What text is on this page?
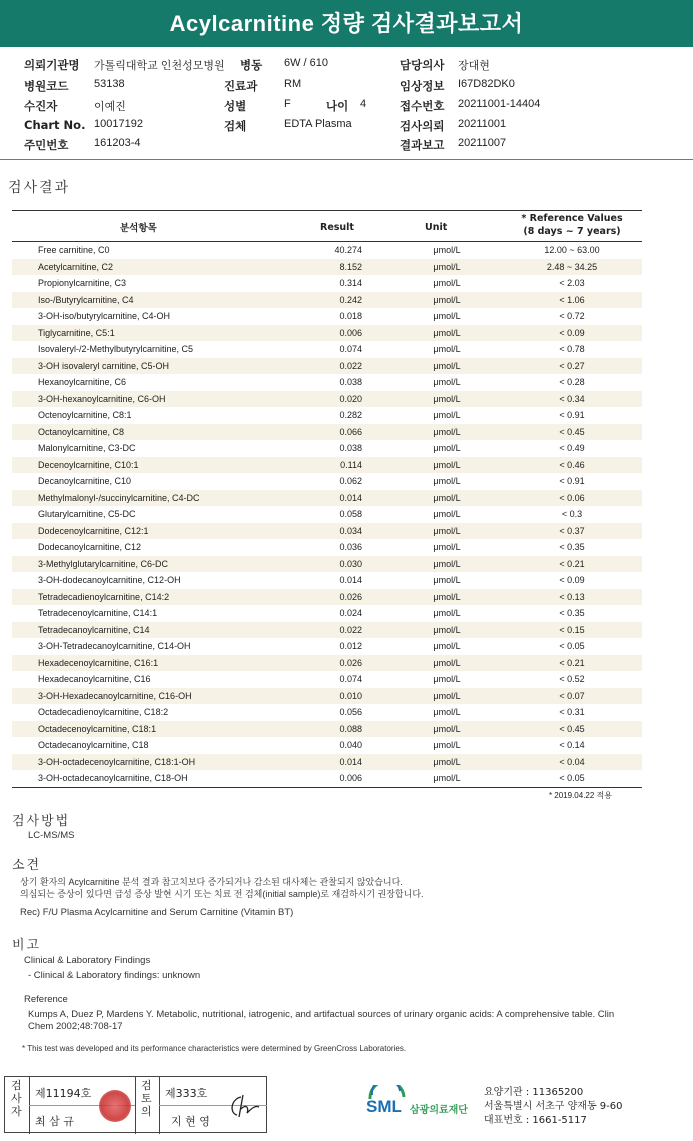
Acylcarnitine 정량 검사결과보고서
의뢰기관명 가톨릭대학교 인천성모병원 병동 6W / 610	담당의사 장대현
병원코드 53138	진료과 RM	임상정보 I67D82DK0
수진자	이예진	성별	F	나이 4	접수번호 20211001-14404
Chart No. 10017192	검체	EDTA Plasma	검사의뢰 20211001
주민번호 161203-4	결과보고 20211007
검사결과
분석항목	Result	Unit
* Reference Values
(8 days ~ 7 years)
Free carnitine, C0	40.274	μmol/L	12.00 ~ 63.00
Acetylcarnitine, C2	8.152	μmol/L	2.48 ~ 34.25
Propionylcarnitine, C3	0.314	μmol/L	< 2.03
Iso-/Butyrylcarnitine, C4	0.242	μmol/L	< 1.06
3-OH-iso/butyrylcarnitine, C4-OH	0.018	μmol/L	< 0.72
Tiglycarnitine, C5:1	0.006	μmol/L	< 0.09
Isovaleryl-/2-Methylbutyrylcarnitine, C5	0.074	μmol/L	< 0.78
3-OH isovaleryl carnitine, C5-OH	0.022	μmol/L	< 0.27
Hexanoylcarnitine, C6	0.038	μmol/L	< 0.28
3-OH-hexanoylcarnitine, C6-OH	0.020	μmol/L	< 0.34
Octenoylcarnitine, C8:1	0.282	μmol/L	< 0.91
Octanoylcarnitine, C8	0.066	μmol/L	< 0.45
Malonylcarnitine, C3-DC	0.038	μmol/L	< 0.49
Decenoylcarnitine, C10:1	0.114	μmol/L	< 0.46
Decanoylcarnitine, C10	0.062	μmol/L	< 0.91
Methylmalonyl-/succinylcarnitine, C4-DC	0.014	μmol/L	< 0.06
Glutarylcarnitine, C5-DC	0.058	μmol/L	< 0.3
Dodecenoylcarnitine, C12:1	0.034	μmol/L	< 0.37
Dodecanoylcarnitine, C12	0.036	μmol/L	< 0.35
3-Methylglutarylcarnitine, C6-DC	0.030	μmol/L	< 0.21
3-OH-dodecanoylcarnitine, C12-OH	0.014	μmol/L	< 0.09
Tetradecadienoylcarnitine, C14:2	0.026	μmol/L	< 0.13
Tetradecenoylcarnitine, C14:1	0.024	μmol/L	< 0.35
Tetradecanoylcarnitine, C14	0.022	μmol/L	< 0.15
3-OH-Tetradecanoylcarnitine, C14-OH	0.012	μmol/L	< 0.05
Hexadecenoylcarnitine, C16:1	0.026	μmol/L	< 0.21
Hexadecanoylcarnitine, C16	0.074	μmol/L	< 0.52
3-OH-Hexadecanoylcarnitine, C16-OH	0.010	μmol/L	< 0.07
Octadecadienoylcarnitine, C18:2	0.056	μmol/L	< 0.31
Octadecenoylcarnitine, C18:1	0.088	μmol/L	< 0.45
Octadecanoylcarnitine, C18	0.040	μmol/L	< 0.14
3-OH-octadecenoylcarnitine, C18:1-OH	0.014	μmol/L	< 0.04
3-OH-octadecanoylcarnitine, C18-OH	0.006	μmol/L	< 0.05
* 2019.04.22 적용
검사방법
LC-MS/MS
소견
상기 환자의 Acylcarnitine 분석 결과 참고치보다 증가되거나 감소된 대사체는 관찰되지 않았습니다.
의심되는 증상이 있다면 급성 증상 발현 시기 또는 치료 전 검체(initial sample)로 재검하시기 권장합니다.
Rec) F/U Plasma Acylcarnitine and Serum Carnitine (Vitamin BT)
비고
Clinical & Laboratory Findings
- Clinical & Laboratory findings: unknown
Reference
Kumps A, Duez P, Mardens Y. Metabolic, nutritional, iatrogenic, and artifactual sources of urinary organic acids: A comprehensive table. Clin Chem 2002;48:708-17
* This test was developed and its performance characteristics were determined by GreenCross Laboratories.
검사자
제11194호
최 삼 규
검토의
제333호
지 현 영
SML 삼광의료재단
요양기관 : 11365200
서울특별시 서초구 양재동 9-60
대표번호 : 1661-5117
